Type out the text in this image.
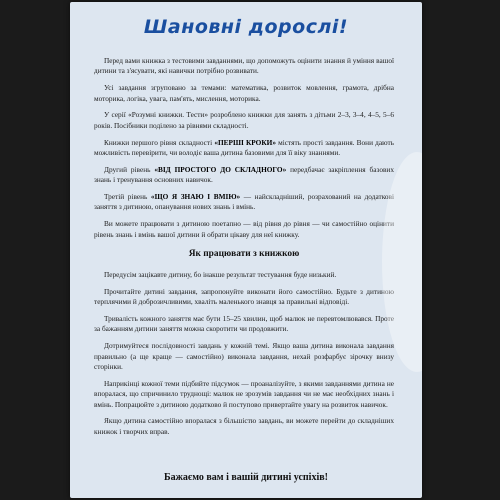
Шановні дорослі!

Перед вами книжка з тестовими завданнями, що допоможуть оцінити знання й уміння вашої дитини та з'ясувати, які навички потрібно розвивати.

Усі завдання згруповано за темами: математика, розвиток мовлення, грамота, дрібна моторика, логіка, увага, пам'ять, мислення, моторика.

У серії «Розумні книжки. Тести» розроблено книжки для занять з дітьми 2–3, 3–4, 4–5, 5–6 років. Посібники поділено за рівнями складності.

Книжки першого рівня складності «ПЕРШІ КРОКИ» містять прості завдання. Вони дають можливість перевірити, чи володіє ваша дитина базовими для її віку знаннями.

Другий рівень «ВІД ПРОСТОГО ДО СКЛАДНОГО» передбачає закріплення базових знань і тренування основних навичок.

Третій рівень «ЩО Я ЗНАЮ І ВМІЮ» — найскладніший, розрахований на додаткові заняття з дитиною, опанування нових знань і вмінь.

Ви можете працювати з дитиною поетапно — від рівня до рівня — чи самостійно оцінити рівень знань і вмінь вашої дитини й обрати цікаву для неї книжку.

Як працювати з книжкою

Передусім зацікавте дитину, бо інакше результат тестування буде низький.

Прочитайте дитині завдання, запропонуйте виконати його самостійно. Будьте з дитиною терплячими й доброзичливими, хваліть маленького знавця за правильні відповіді.

Тривалість кожного заняття має бути 15–25 хвилин, щоб малюк не перевтомлювався. Проте за бажанням дитини заняття можна скоротити чи продовжити.

Дотримуйтеся послідовності завдань у кожній темі. Якщо ваша дитина виконала завдання правильно (а ще краще — самостійно) виконала завдання, нехай розфарбує зірочку внизу сторінки.

Наприкінці кожної теми підбийте підсумок — проаналізуйте, з якими завданнями дитина не впоралася, що спричинило труднощі: малюк не зрозумів завдання чи не має необхідних знань і вмінь. Попрацюйте з дитиною додатково й поступово привертайте увагу на розвиток навичок.

Якщо дитина самостійно впоралася з більшістю завдань, ви можете перейти до складніших книжок і творчих вправ.

Бажаємо вам і вашій дитині успіхів!
